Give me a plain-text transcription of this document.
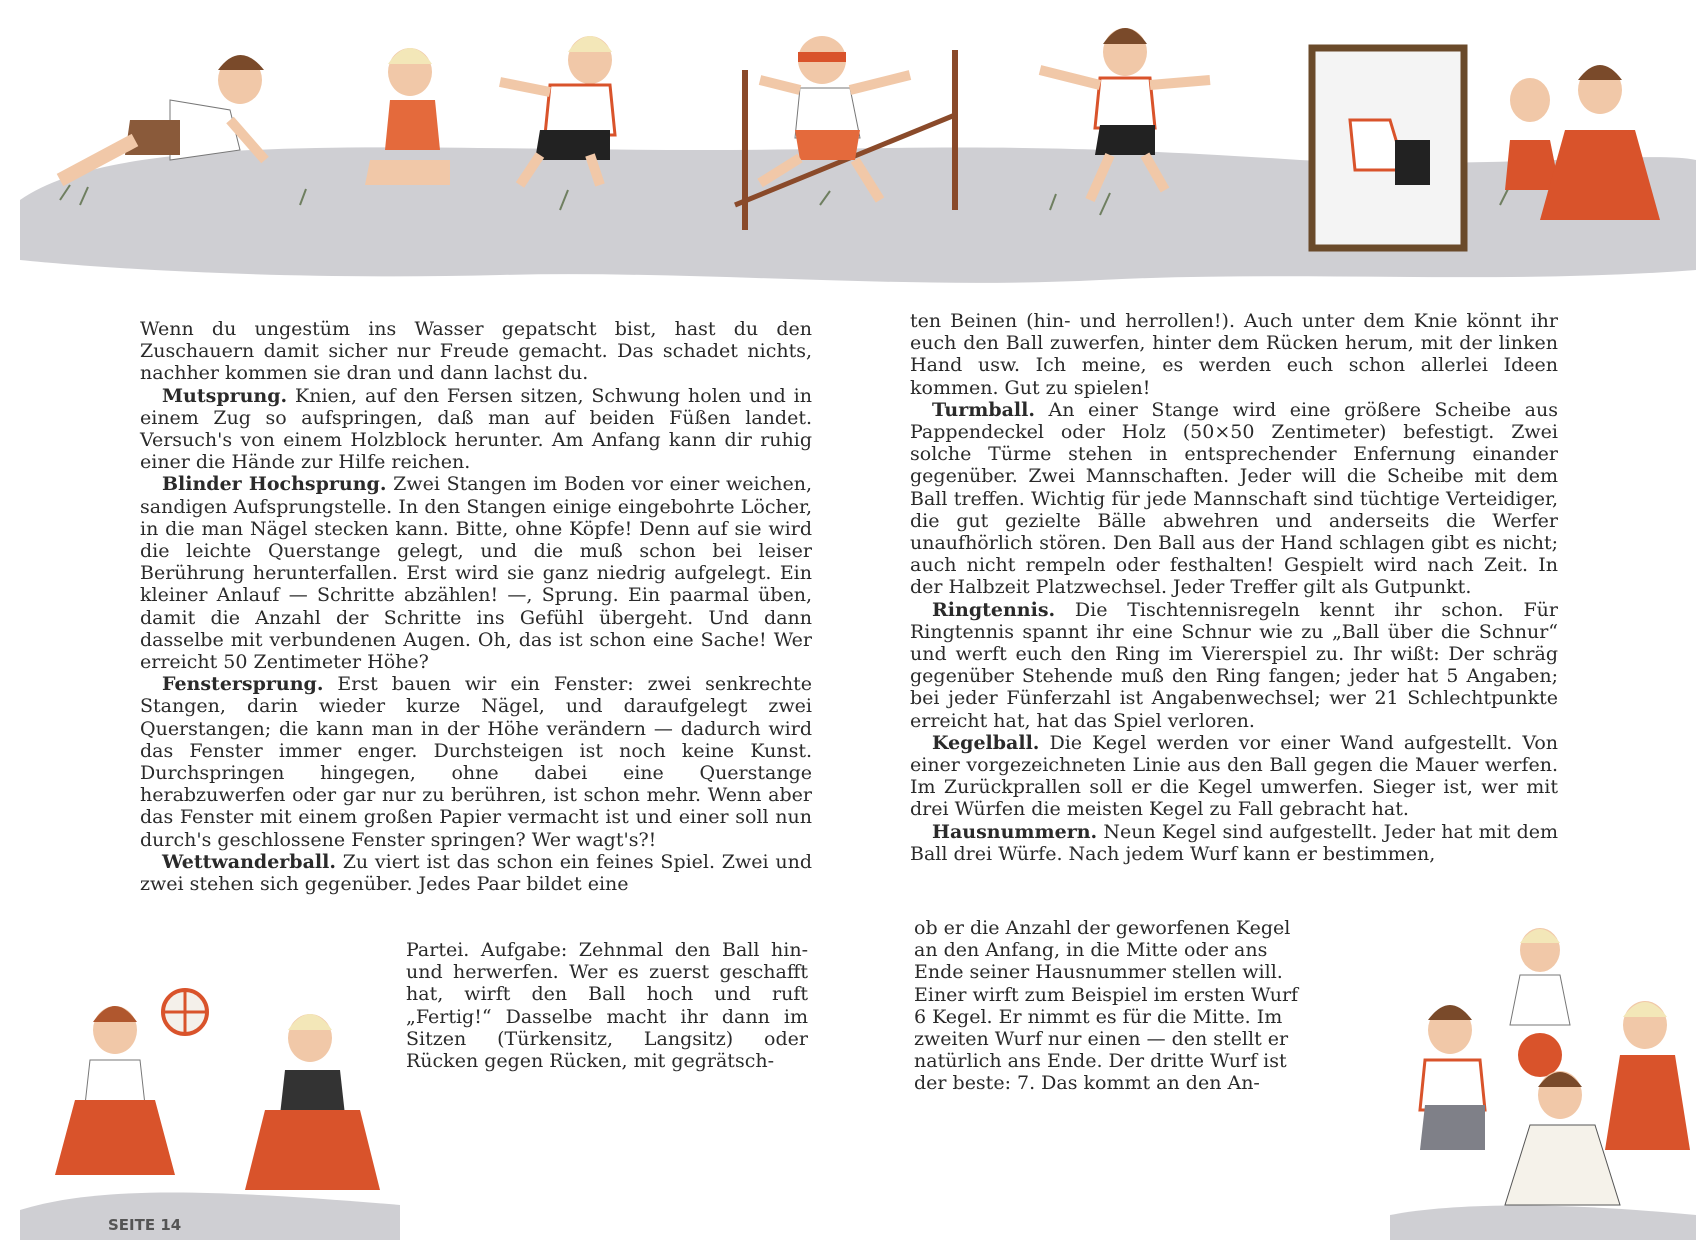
Wenn du ungestüm ins Wasser gepatscht bist, hast du den Zuschauern damit sicher nur Freude gemacht. Das schadet nichts, nachher kommen sie dran und dann lachst du.

Mutsprung. Knien, auf den Fersen sitzen, Schwung holen und in einem Zug so aufspringen, daß man auf beiden Füßen landet. Versuch's von einem Holzblock herunter. Am Anfang kann dir ruhig einer die Hände zur Hilfe reichen.

Blinder Hochsprung. Zwei Stangen im Boden vor einer weichen, sandigen Aufsprungstelle. In den Stangen einige eingebohrte Löcher, in die man Nägel stecken kann. Bitte, ohne Köpfe! Denn auf sie wird die leichte Querstange gelegt, und die muß schon bei leiser Berührung herunterfallen. Erst wird sie ganz niedrig aufgelegt. Ein kleiner Anlauf — Schritte abzählen! —, Sprung. Ein paarmal üben, damit die Anzahl der Schritte ins Gefühl übergeht. Und dann dasselbe mit verbundenen Augen. Oh, das ist schon eine Sache! Wer erreicht 50 Zentimeter Höhe?

Fenstersprung. Erst bauen wir ein Fenster: zwei senkrechte Stangen, darin wieder kurze Nägel, und daraufgelegt zwei Querstangen; die kann man in der Höhe verändern — dadurch wird das Fenster immer enger. Durchsteigen ist noch keine Kunst. Durchspringen hingegen, ohne dabei eine Querstange herabzuwerfen oder gar nur zu berühren, ist schon mehr. Wenn aber das Fenster mit einem großen Papier vermacht ist und einer soll nun durch's geschlossene Fenster springen? Wer wagt's?!

Wettwanderball. Zu viert ist das schon ein feines Spiel. Zwei und zwei stehen sich gegenüber. Jedes Paar bildet eine

Partei. Aufgabe: Zehnmal den Ball hin- und herwerfen. Wer es zuerst geschafft hat, wirft den Ball hoch und ruft „Fertig!“ Dasselbe macht ihr dann im Sitzen (Türkensitz, Langsitz) oder Rücken gegen Rücken, mit gegrätsch-

ten Beinen (hin- und herrollen!). Auch unter dem Knie könnt ihr euch den Ball zuwerfen, hinter dem Rücken herum, mit der linken Hand usw. Ich meine, es werden euch schon allerlei Ideen kommen. Gut zu spielen!

Turmball. An einer Stange wird eine größere Scheibe aus Pappendeckel oder Holz (50×50 Zentimeter) befestigt. Zwei solche Türme stehen in entsprechender Enfernung einander gegenüber. Zwei Mannschaften. Jeder will die Scheibe mit dem Ball treffen. Wichtig für jede Mannschaft sind tüchtige Verteidiger, die gut gezielte Bälle abwehren und anderseits die Werfer unaufhörlich stören. Den Ball aus der Hand schlagen gibt es nicht; auch nicht rempeln oder festhalten! Gespielt wird nach Zeit. In der Halbzeit Platzwechsel. Jeder Treffer gilt als Gutpunkt.

Ringtennis. Die Tischtennisregeln kennt ihr schon. Für Ringtennis spannt ihr eine Schnur wie zu „Ball über die Schnur“ und werft euch den Ring im Viererspiel zu. Ihr wißt: Der schräg gegenüber Stehende muß den Ring fangen; jeder hat 5 Angaben; bei jeder Fünferzahl ist Angabenwechsel; wer 21 Schlechtpunkte erreicht hat, hat das Spiel verloren.

Kegelball. Die Kegel werden vor einer Wand aufgestellt. Von einer vorgezeichneten Linie aus den Ball gegen die Mauer werfen. Im Zurückprallen soll er die Kegel umwerfen. Sieger ist, wer mit drei Würfen die meisten Kegel zu Fall gebracht hat.

Hausnummern. Neun Kegel sind aufgestellt. Jeder hat mit dem Ball drei Würfe. Nach jedem Wurf kann er bestimmen,

ob er die Anzahl der geworfenen Kegel an den Anfang, in die Mitte oder ans Ende seiner Hausnummer stellen will. Einer wirft zum Beispiel im ersten Wurf 6 Kegel. Er nimmt es für die Mitte. Im zweiten Wurf nur einen — den stellt er natürlich ans Ende. Der dritte Wurf ist der beste: 7. Das kommt an den An-
SEITE 14
